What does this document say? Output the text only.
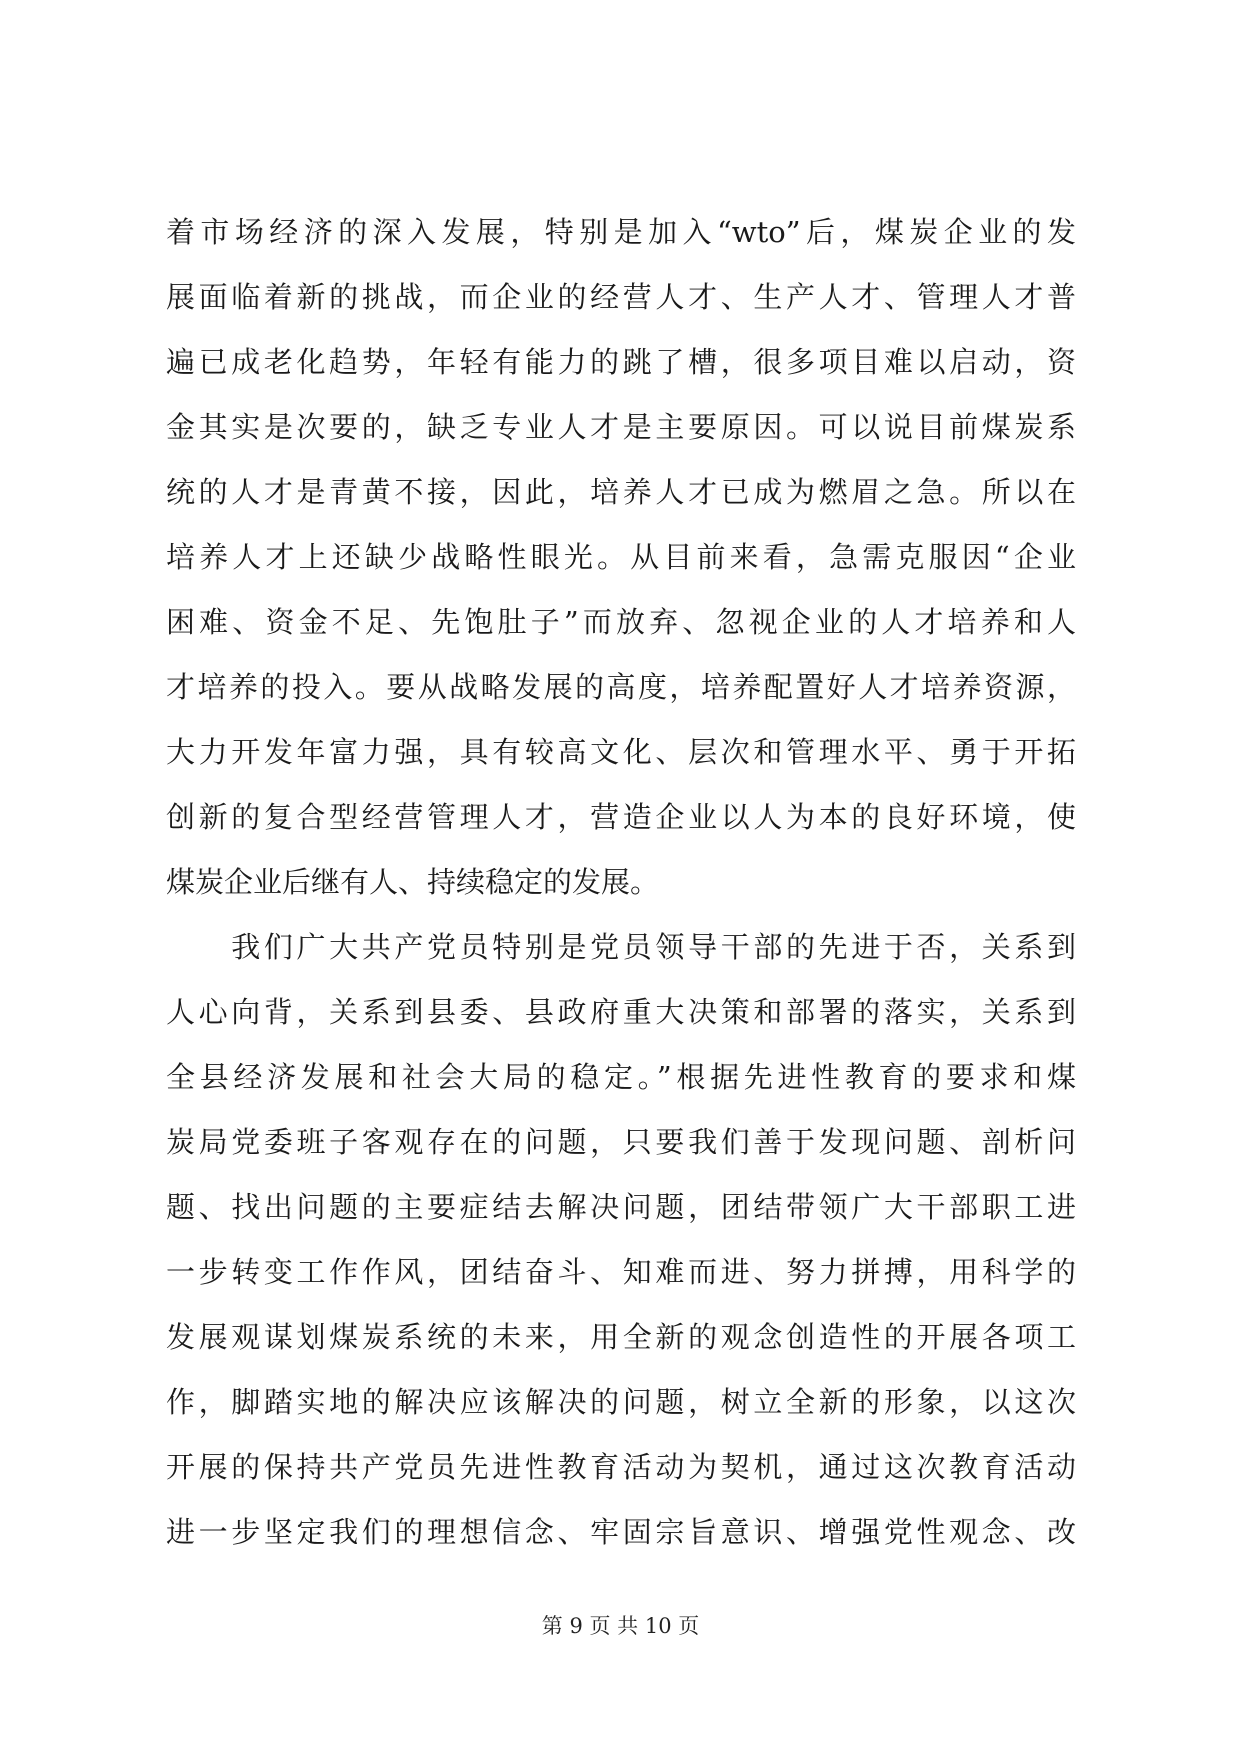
着市场经济的深入发展，特别是加入“wto”后，煤炭企业的发
展面临着新的挑战，而企业的经营人才、生产人才、管理人才普
遍已成老化趋势，年轻有能力的跳了槽，很多项目难以启动，资
金其实是次要的，缺乏专业人才是主要原因。可以说目前煤炭系
统的人才是青黄不接，因此，培养人才已成为燃眉之急。所以在
培养人才上还缺少战略性眼光。从目前来看，急需克服因“企业
困难、资金不足、先饱肚子”而放弃、忽视企业的人才培养和人
才培养的投入。要从战略发展的高度，培养配置好人才培养资源，
大力开发年富力强，具有较高文化、层次和管理水平、勇于开拓
创新的复合型经营管理人才，营造企业以人为本的良好环境，使
煤炭企业后继有人、持续稳定的发展。
　　我们广大共产党员特别是党员领导干部的先进于否，关系到
人心向背，关系到县委、县政府重大决策和部署的落实，关系到
全县经济发展和社会大局的稳定。”根据先进性教育的要求和煤
炭局党委班子客观存在的问题，只要我们善于发现问题、剖析问
题、找出问题的主要症结去解决问题，团结带领广大干部职工进
一步转变工作作风，团结奋斗、知难而进、努力拼搏，用科学的
发展观谋划煤炭系统的未来，用全新的观念创造性的开展各项工
作，脚踏实地的解决应该解决的问题，树立全新的形象，以这次
开展的保持共产党员先进性教育活动为契机，通过这次教育活动
进一步坚定我们的理想信念、牢固宗旨意识、增强党性观念、改
第 9 页 共 10 页
